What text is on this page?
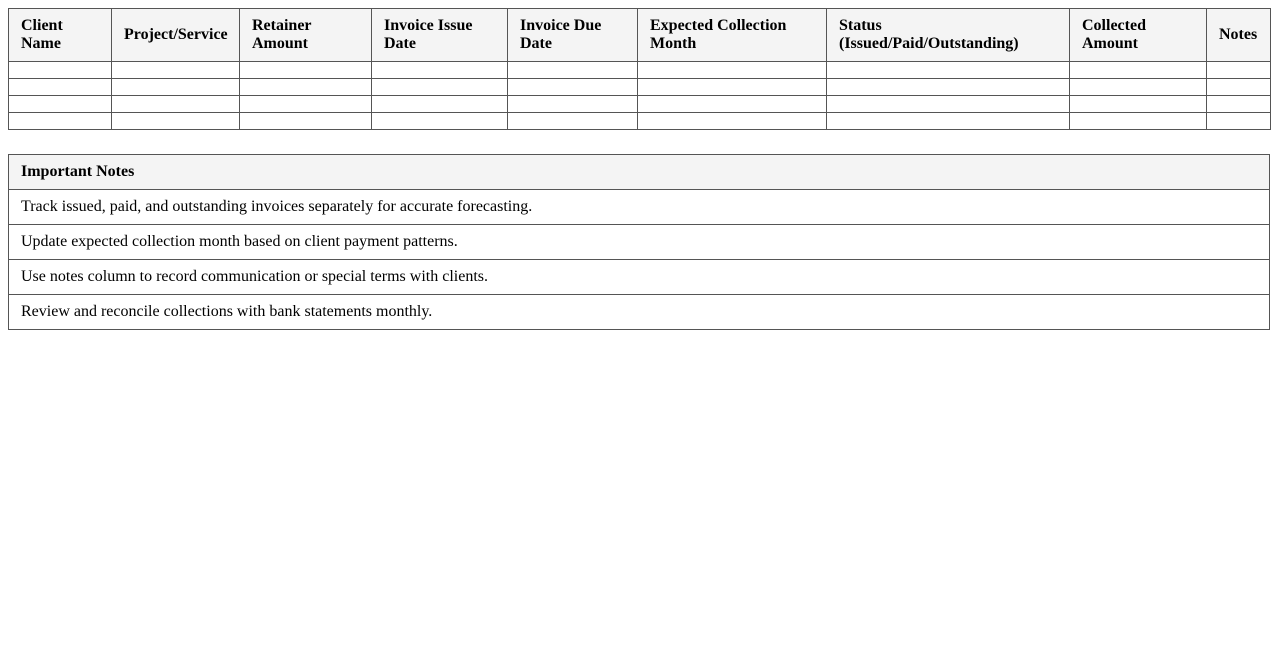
Client Name	Project/Service	Retainer Amount	Invoice Issue Date	Invoice Due Date	Expected Collection Month	Status (Issued/Paid/Outstanding)	Collected Amount	Notes

Important Notes
Track issued, paid, and outstanding invoices separately for accurate forecasting.
Update expected collection month based on client payment patterns.
Use notes column to record communication or special terms with clients.
Review and reconcile collections with bank statements monthly.
